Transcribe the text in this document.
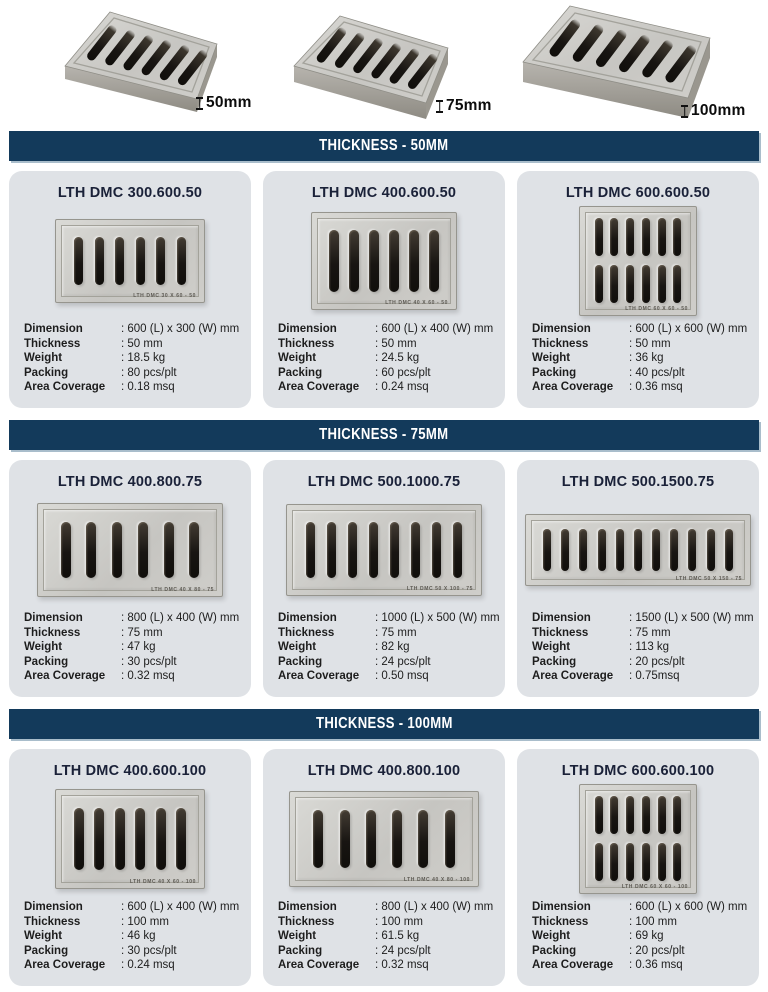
50mm	75mm	100mm
THICKNESS - 50MM
LTH DMC 300.600.50
LTH DMC 30 X 60 - 50
Dimension	: 600 (L) x 300 (W) mm
Thickness	: 50 mm
Weight	: 18.5 kg
Packing	: 80 pcs/plt
Area Coverage	: 0.18 msq
LTH DMC 400.600.50
LTH DMC 40 X 60 - 50
Dimension	: 600 (L) x 400 (W) mm
Thickness	: 50 mm
Weight	: 24.5 kg
Packing	: 60 pcs/plt
Area Coverage	: 0.24 msq
LTH DMC 600.600.50
LTH DMC 60 X 60 - 50
Dimension	: 600 (L) x 600 (W) mm
Thickness	: 50 mm
Weight	: 36 kg
Packing	: 40 pcs/plt
Area Coverage	: 0.36 msq
THICKNESS - 75MM
LTH DMC 400.800.75
LTH DMC 40 X 80 - 75
Dimension	: 800 (L) x 400 (W) mm
Thickness	: 75 mm
Weight	: 47 kg
Packing	: 30 pcs/plt
Area Coverage	: 0.32 msq
LTH DMC 500.1000.75
LTH DMC 50 X 100 - 75
Dimension	: 1000 (L) x 500 (W) mm
Thickness	: 75 mm
Weight	: 82 kg
Packing	: 24 pcs/plt
Area Coverage	: 0.50 msq
LTH DMC 500.1500.75
LTH DMC 50 X 150 - 75
Dimension	: 1500 (L) x 500 (W) mm
Thickness	: 75 mm
Weight	: 113 kg
Packing	: 20 pcs/plt
Area Coverage	: 0.75msq
THICKNESS - 100MM
LTH DMC 400.600.100
LTH DMC 40 X 60 - 100
Dimension	: 600 (L) x 400 (W) mm
Thickness	: 100 mm
Weight	: 46 kg
Packing	: 30 pcs/plt
Area Coverage	: 0.24 msq
LTH DMC 400.800.100
LTH DMC 40 X 80 - 100
Dimension	: 800 (L) x 400 (W) mm
Thickness	: 100 mm
Weight	: 61.5 kg
Packing	: 24 pcs/plt
Area Coverage	: 0.32 msq
LTH DMC 600.600.100
LTH DMC 60 X 60 - 100
Dimension	: 600 (L) x 600 (W) mm
Thickness	: 100 mm
Weight	: 69 kg
Packing	: 20 pcs/plt
Area Coverage	: 0.36 msq
